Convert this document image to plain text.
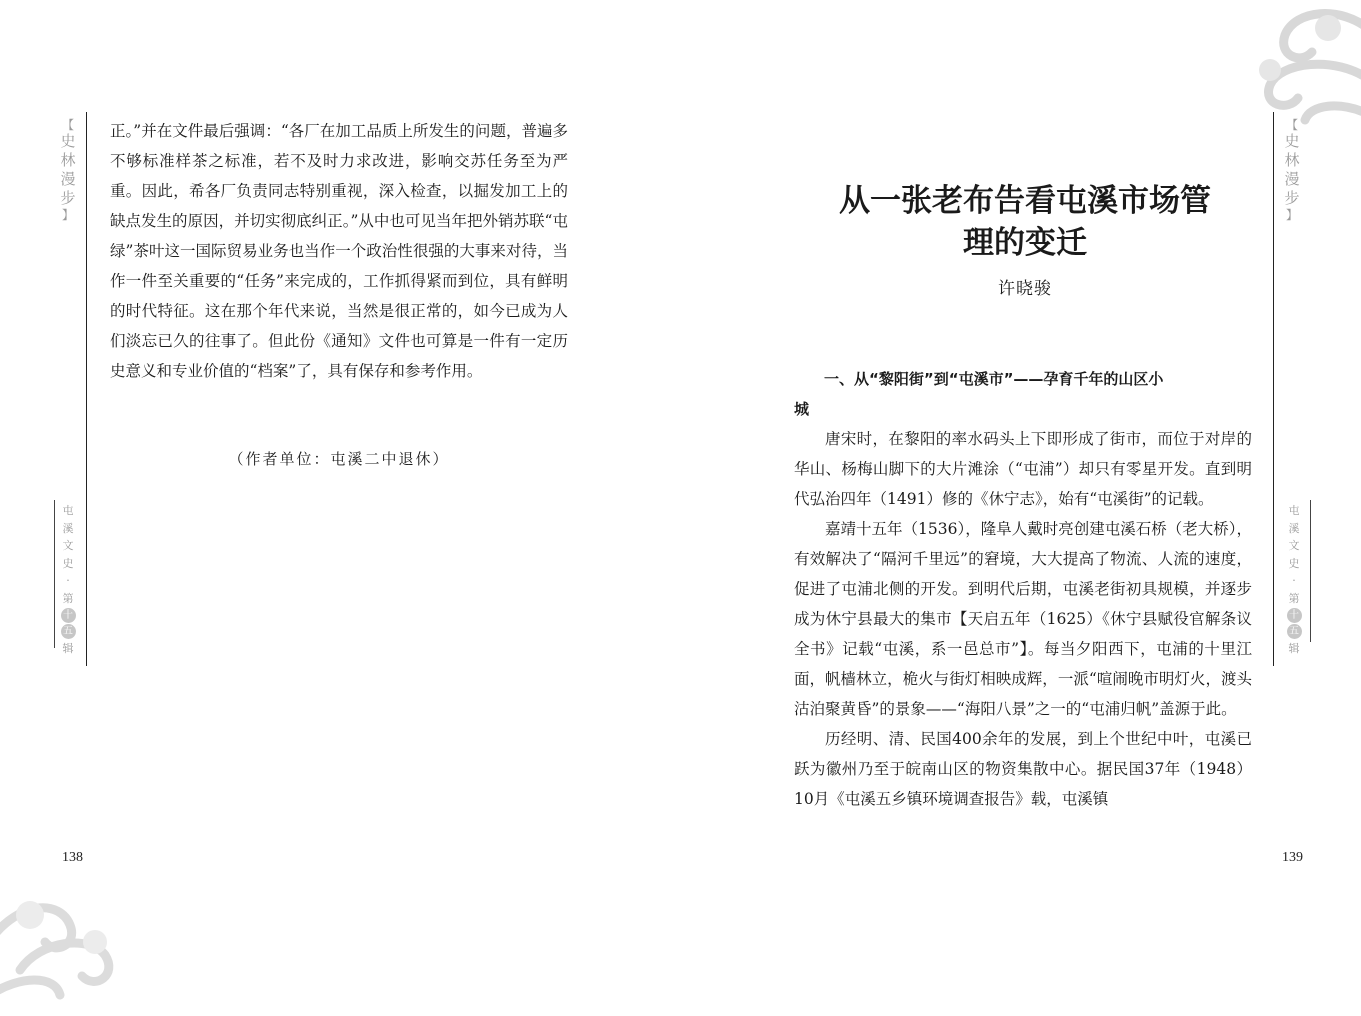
【
史
林
漫
步
】
屯
溪
文
史
·
第
十
五
辑

正。”并在文件最后强调：“各厂在加工品质上所发生的问题，普遍多不够标准样茶之标准，若不及时力求改进，影响交苏任务至为严重。因此，希各厂负责同志特别重视，深入检查，以掘发加工上的缺点发生的原因，并切实彻底纠正。”从中也可见当年把外销苏联“屯绿”茶叶这一国际贸易业务也当作一个政治性很强的大事来对待，当作一件至关重要的“任务”来完成的，工作抓得紧而到位，具有鲜明的时代特征。这在那个年代来说，当然是很正常的，如今已成为人们淡忘已久的往事了。但此份《通知》文件也可算是一件有一定历史意义和专业价值的“档案”了，具有保存和参考作用。

（作者单位：屯溪二中退休）
138
【
史
林
漫
步
】
屯
溪
文
史
·
第
十
五
辑
从一张老布告看屯溪市场管
理的变迁
许晓骏
一、从“黎阳街”到“屯溪市”——孕育千年的山区小
城

唐宋时，在黎阳的率水码头上下即形成了街市，而位于对岸的华山、杨梅山脚下的大片滩涂（“屯浦”）却只有零星开发。直到明代弘治四年（1491）修的《休宁志》，始有“屯溪街”的记载。

嘉靖十五年（1536），隆阜人戴时亮创建屯溪石桥（老大桥），有效解决了“隔河千里远”的窘境，大大提高了物流、人流的速度，促进了屯浦北侧的开发。到明代后期，屯溪老街初具规模，并逐步成为休宁县最大的集市【天启五年（1625）《休宁县赋役官解条议全书》记载“屯溪，系一邑总市”】。每当夕阳西下，屯浦的十里江面，帆樯林立，桅火与街灯相映成辉，一派“喧闹晚市明灯火，渡头沽泊聚黄昏”的景象——“海阳八景”之一的“屯浦归帆”盖源于此。

历经明、清、民国400余年的发展，到上个世纪中叶，屯溪已跃为徽州乃至于皖南山区的物资集散中心。据民国37年（1948）10月《屯溪五乡镇环境调查报告》载，屯溪镇

139
